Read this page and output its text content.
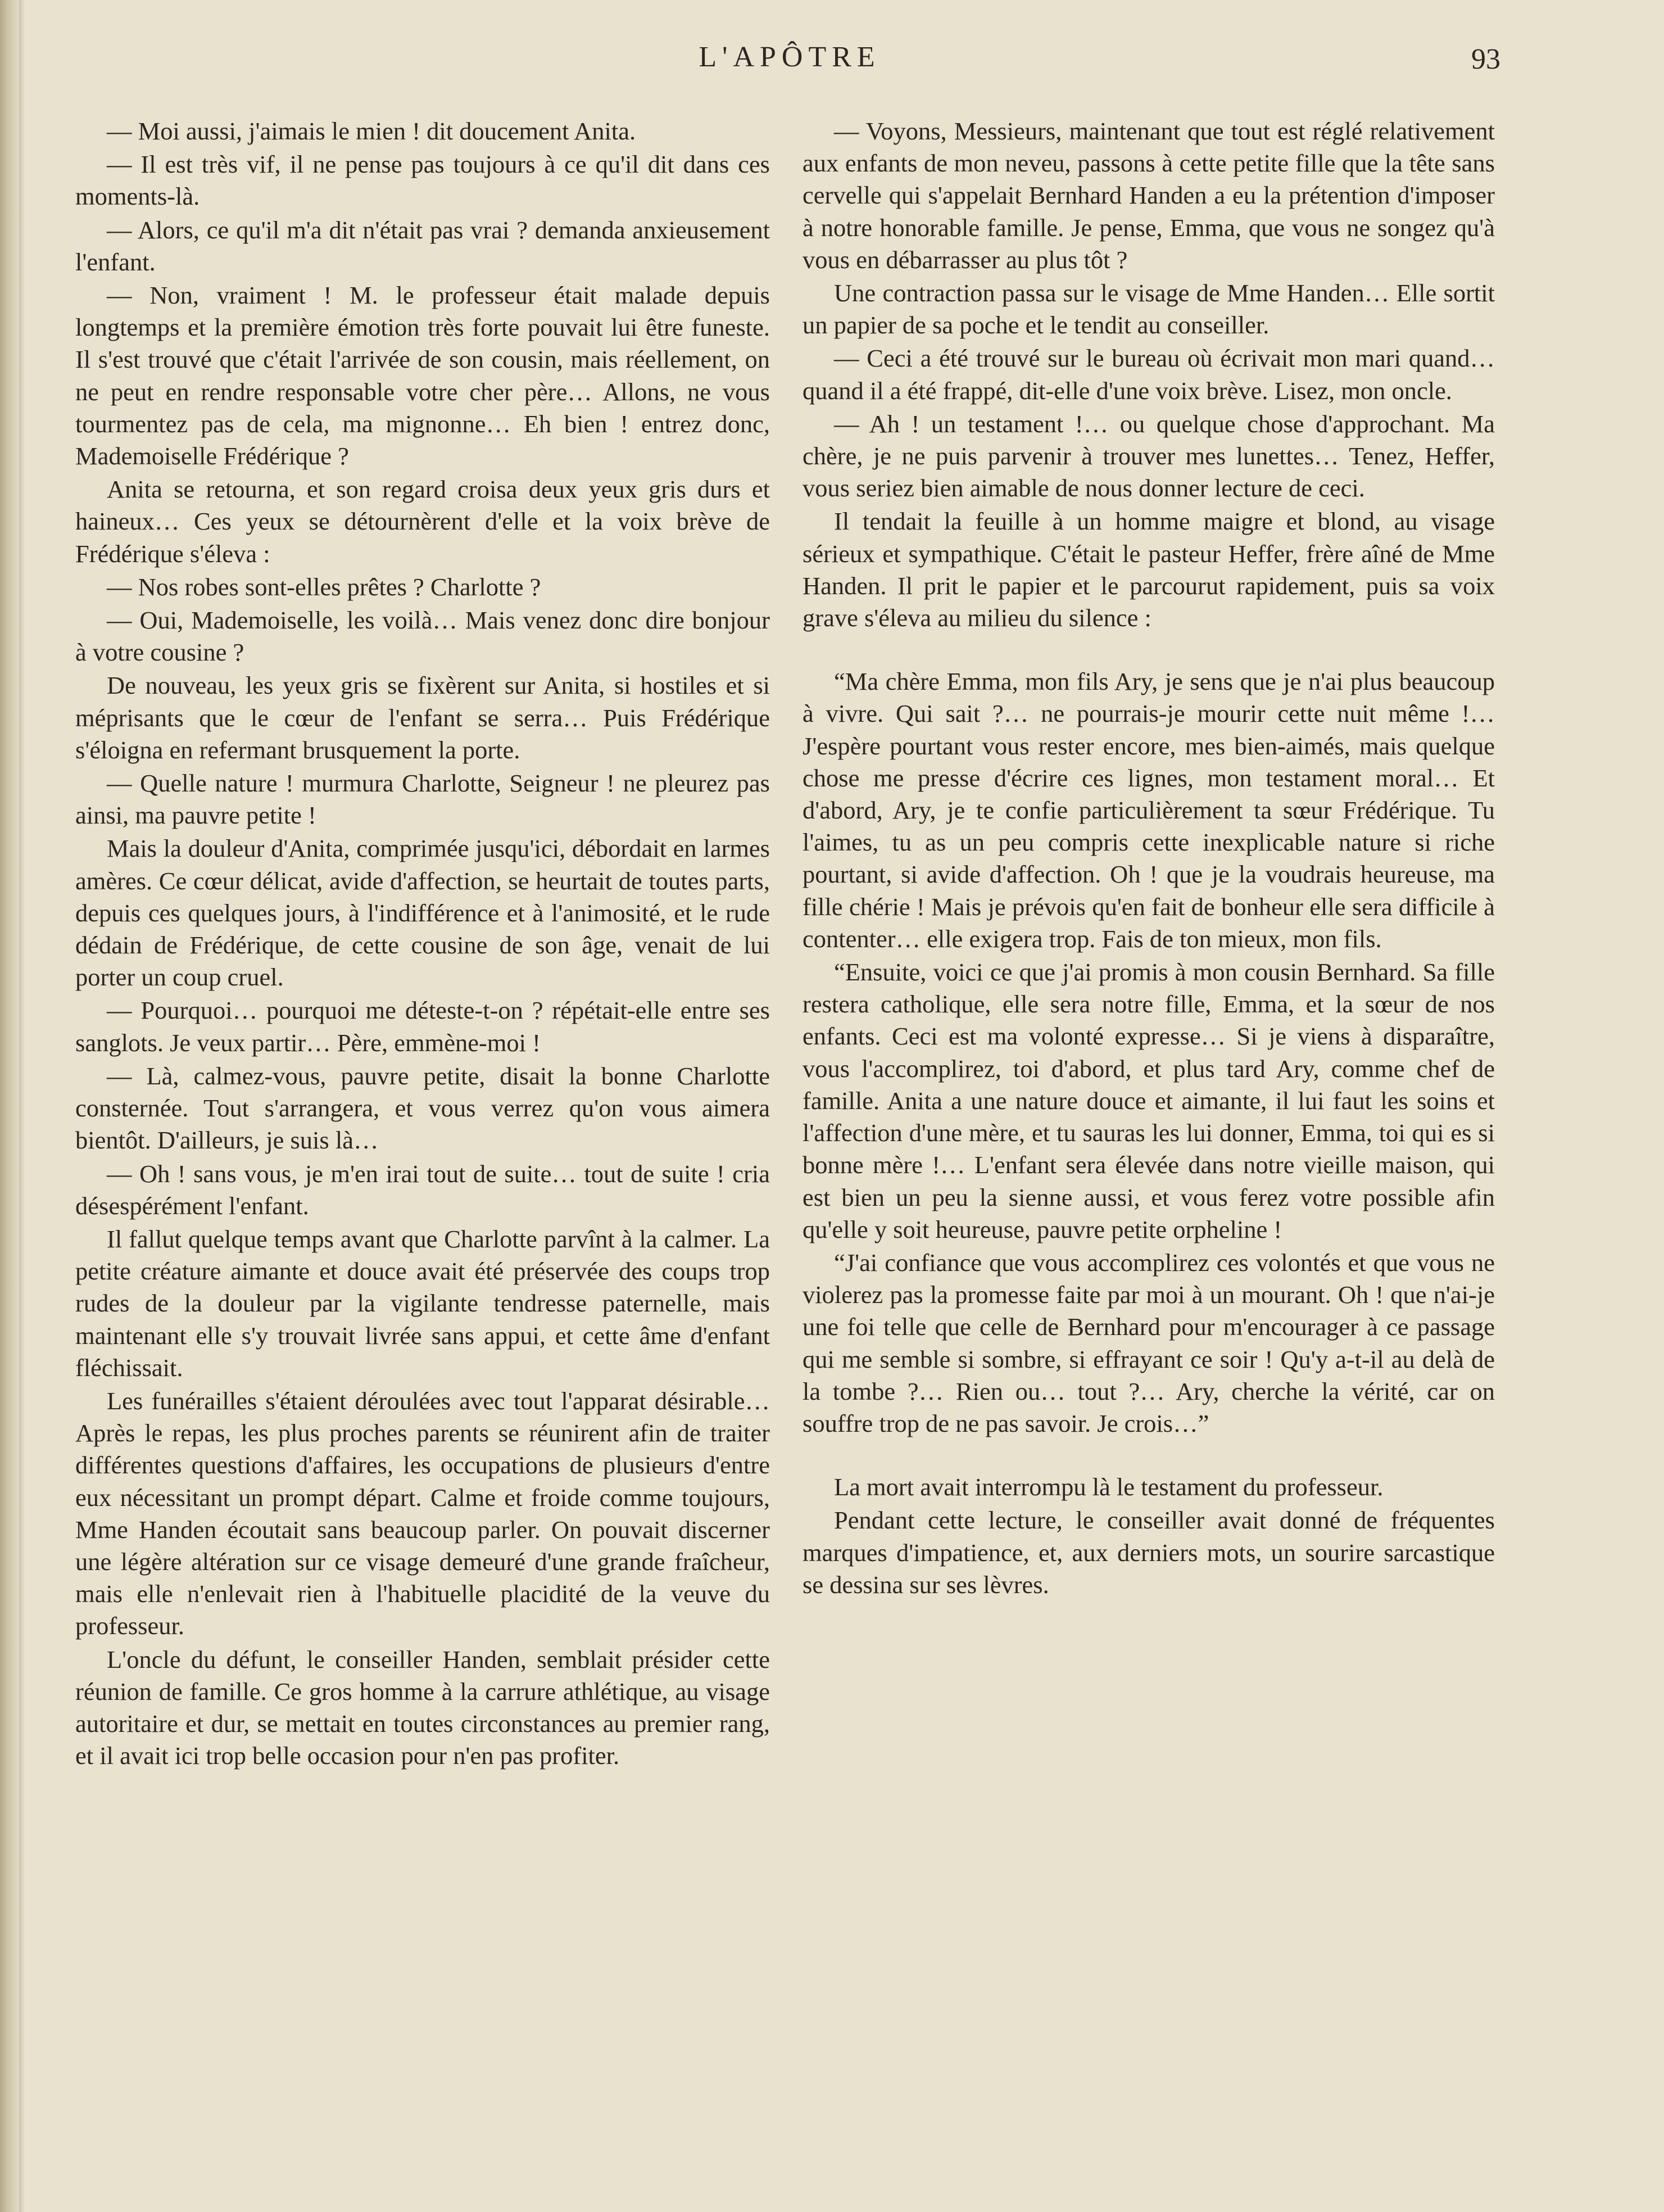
L'APÔTRE	93

— Moi aussi, j'aimais le mien ! dit doucement Anita.

— Il est très vif, il ne pense pas toujours à ce qu'il dit dans ces moments-là.

— Alors, ce qu'il m'a dit n'était pas vrai ? demanda anxieusement l'enfant.

— Non, vraiment ! M. le professeur était malade depuis longtemps et la première émotion très forte pouvait lui être funeste. Il s'est trouvé que c'était l'arrivée de son cousin, mais réellement, on ne peut en rendre responsable votre cher père… Allons, ne vous tourmentez pas de cela, ma mignonne… Eh bien ! entrez donc, Mademoiselle Frédérique ?

Anita se retourna, et son regard croisa deux yeux gris durs et haineux… Ces yeux se détournèrent d'elle et la voix brève de Frédérique s'éleva :

— Nos robes sont-elles prêtes ? Charlotte ?

— Oui, Mademoiselle, les voilà… Mais venez donc dire bonjour à votre cousine ?

De nouveau, les yeux gris se fixèrent sur Anita, si hostiles et si méprisants que le cœur de l'enfant se serra… Puis Frédérique s'éloigna en refermant brusquement la porte.

— Quelle nature ! murmura Charlotte, Seigneur ! ne pleurez pas ainsi, ma pauvre petite !

Mais la douleur d'Anita, comprimée jusqu'ici, débordait en larmes amères. Ce cœur délicat, avide d'affection, se heurtait de toutes parts, depuis ces quelques jours, à l'indifférence et à l'animosité, et le rude dédain de Frédérique, de cette cousine de son âge, venait de lui porter un coup cruel.

— Pourquoi… pourquoi me déteste-t-on ? répétait-elle entre ses sanglots. Je veux partir… Père, emmène-moi !

— Là, calmez-vous, pauvre petite, disait la bonne Charlotte consternée. Tout s'arrangera, et vous verrez qu'on vous aimera bientôt. D'ailleurs, je suis là…

— Oh ! sans vous, je m'en irai tout de suite… tout de suite ! cria désespérément l'enfant.

Il fallut quelque temps avant que Charlotte parvînt à la calmer. La petite créature aimante et douce avait été préservée des coups trop rudes de la douleur par la vigilante tendresse paternelle, mais maintenant elle s'y trouvait livrée sans appui, et cette âme d'enfant fléchissait.

Les funérailles s'étaient déroulées avec tout l'apparat désirable… Après le repas, les plus proches parents se réunirent afin de traiter différentes questions d'affaires, les occupations de plusieurs d'entre eux nécessitant un prompt départ. Calme et froide comme toujours, Mme Handen écoutait sans beaucoup parler. On pouvait discerner une légère altération sur ce visage demeuré d'une grande fraîcheur, mais elle n'enlevait rien à l'habituelle placidité de la veuve du professeur.

L'oncle du défunt, le conseiller Handen, semblait présider cette réunion de famille. Ce gros homme à la carrure athlétique, au visage autoritaire et dur, se mettait en toutes circonstances au premier rang, et il avait ici trop belle occasion pour n'en pas profiter.

— Voyons, Messieurs, maintenant que tout est réglé relativement aux enfants de mon neveu, passons à cette petite fille que la tête sans cervelle qui s'appelait Bernhard Handen a eu la prétention d'imposer à notre honorable famille. Je pense, Emma, que vous ne songez qu'à vous en débarrasser au plus tôt ?

Une contraction passa sur le visage de Mme Handen… Elle sortit un papier de sa poche et le tendit au conseiller.

— Ceci a été trouvé sur le bureau où écrivait mon mari quand… quand il a été frappé, dit-elle d'une voix brève. Lisez, mon oncle.

— Ah ! un testament !… ou quelque chose d'approchant. Ma chère, je ne puis parvenir à trouver mes lunettes… Tenez, Heffer, vous seriez bien aimable de nous donner lecture de ceci.

Il tendait la feuille à un homme maigre et blond, au visage sérieux et sympathique. C'était le pasteur Heffer, frère aîné de Mme Handen. Il prit le papier et le parcourut rapidement, puis sa voix grave s'éleva au milieu du silence :

“Ma chère Emma, mon fils Ary, je sens que je n'ai plus beaucoup à vivre. Qui sait ?… ne pourrais-je mourir cette nuit même !… J'espère pourtant vous rester encore, mes bien-aimés, mais quelque chose me presse d'écrire ces lignes, mon testament moral… Et d'abord, Ary, je te confie particulièrement ta sœur Frédérique. Tu l'aimes, tu as un peu compris cette inexplicable nature si riche pourtant, si avide d'affection. Oh ! que je la voudrais heureuse, ma fille chérie ! Mais je prévois qu'en fait de bonheur elle sera difficile à contenter… elle exigera trop. Fais de ton mieux, mon fils.

“Ensuite, voici ce que j'ai promis à mon cousin Bernhard. Sa fille restera catholique, elle sera notre fille, Emma, et la sœur de nos enfants. Ceci est ma volonté expresse… Si je viens à disparaître, vous l'accomplirez, toi d'abord, et plus tard Ary, comme chef de famille. Anita a une nature douce et aimante, il lui faut les soins et l'affection d'une mère, et tu sauras les lui donner, Emma, toi qui es si bonne mère !… L'enfant sera élevée dans notre vieille maison, qui est bien un peu la sienne aussi, et vous ferez votre possible afin qu'elle y soit heureuse, pauvre petite orpheline !

“J'ai confiance que vous accomplirez ces volontés et que vous ne violerez pas la promesse faite par moi à un mourant. Oh ! que n'ai-je une foi telle que celle de Bernhard pour m'encourager à ce passage qui me semble si sombre, si effrayant ce soir ! Qu'y a-t-il au delà de la tombe ?… Rien ou… tout ?… Ary, cherche la vérité, car on souffre trop de ne pas savoir. Je crois…”

La mort avait interrompu là le testament du professeur.

Pendant cette lecture, le conseiller avait donné de fréquentes marques d'impatience, et, aux derniers mots, un sourire sarcastique se dessina sur ses lèvres.
